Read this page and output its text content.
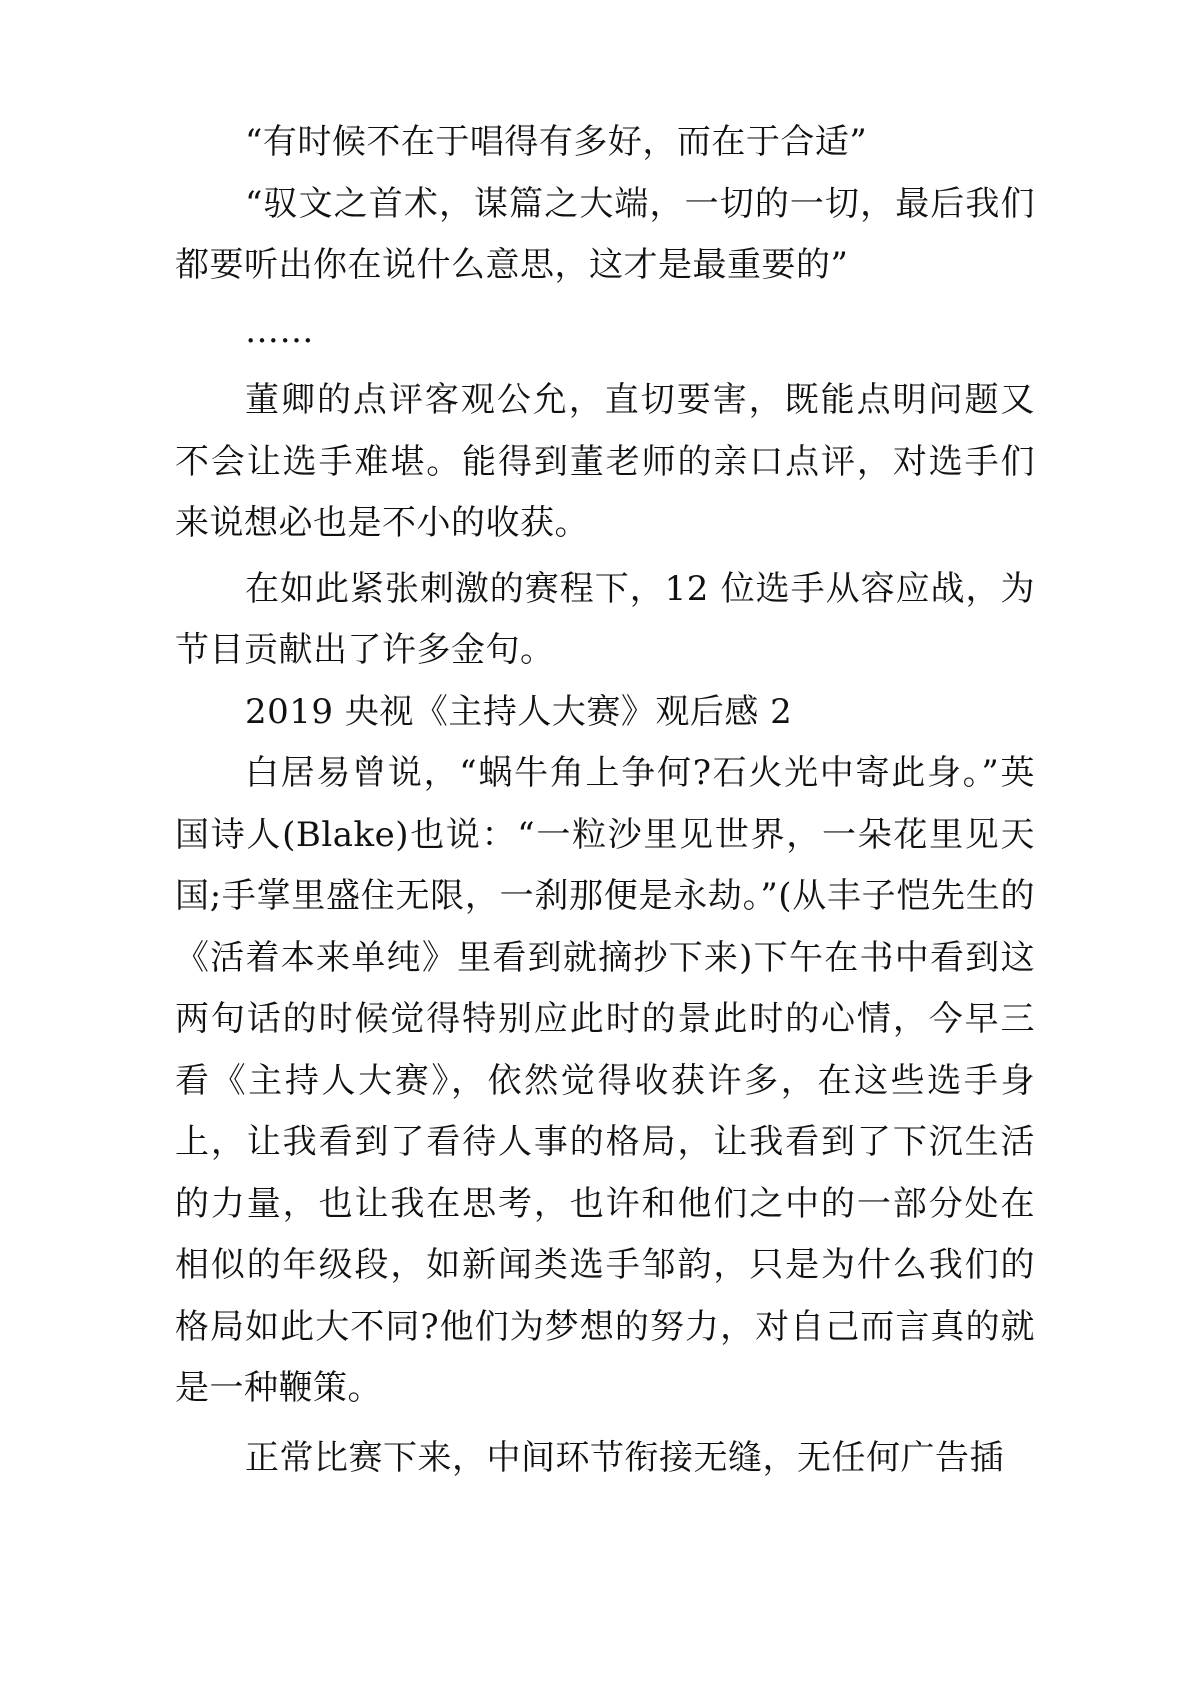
“有时候不在于唱得有多好，而在于合适”

“驭文之首术，谋篇之大端，一切的一切，最后我们都要听出你在说什么意思，这才是最重要的”

……

董卿的点评客观公允，直切要害，既能点明问题又不会让选手难堪。能得到董老师的亲口点评，对选手们来说想必也是不小的收获。

在如此紧张刺激的赛程下，12 位选手从容应战，为节目贡献出了许多金句。

2019 央视《主持人大赛》观后感 2

白居易曾说，“蜗牛角上争何?石火光中寄此身。”英国诗人(Blake)也说：“一粒沙里见世界，一朵花里见天国;手掌里盛住无限，一刹那便是永劫。”(从丰子恺先生的《活着本来单纯》里看到就摘抄下来)下午在书中看到这两句话的时候觉得特别应此时的景此时的心情，今早三看《主持人大赛》，依然觉得收获许多，在这些选手身上，让我看到了看待人事的格局，让我看到了下沉生活的力量，也让我在思考，也许和他们之中的一部分处在相似的年级段，如新闻类选手邹韵，只是为什么我们的格局如此大不同?他们为梦想的努力，对自己而言真的就是一种鞭策。

正常比赛下来，中间环节衔接无缝，无任何广告插
